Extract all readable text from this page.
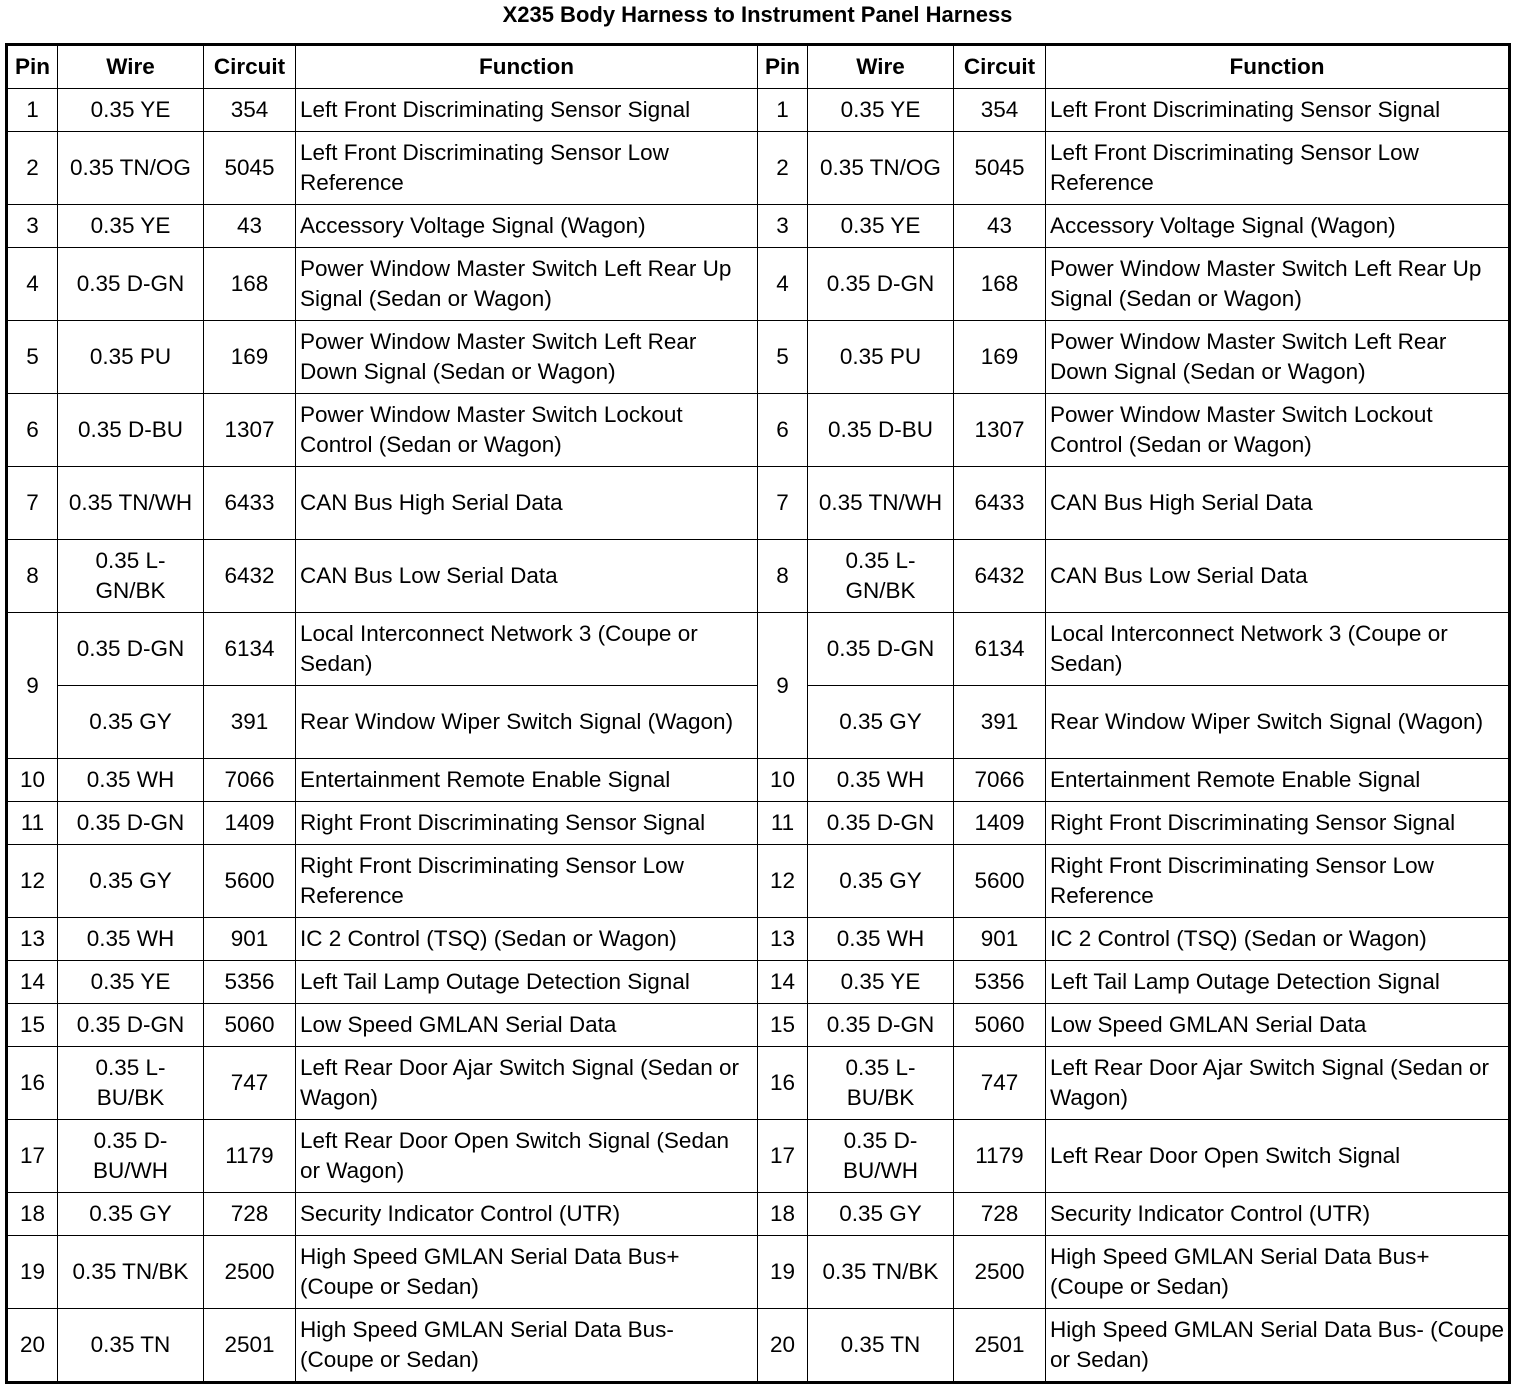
X235 Body Harness to Instrument Panel Harness
Pin	Wire	Circuit	Function	Pin	Wire	Circuit	Function
1	0.35 YE	354	Left Front Discriminating Sensor Signal	1	0.35 YE	354	Left Front Discriminating Sensor Signal
2	0.35 TN/OG	5045	Left Front Discriminating Sensor Low Reference	2	0.35 TN/OG	5045	Left Front Discriminating Sensor Low Reference
3	0.35 YE	43	Accessory Voltage Signal (Wagon)	3	0.35 YE	43	Accessory Voltage Signal (Wagon)
4	0.35 D-GN	168	Power Window Master Switch Left Rear Up Signal (Sedan or Wagon)	4	0.35 D-GN	168	Power Window Master Switch Left Rear Up Signal (Sedan or Wagon)
5	0.35 PU	169	Power Window Master Switch Left Rear Down Signal (Sedan or Wagon)	5	0.35 PU	169	Power Window Master Switch Left Rear Down Signal (Sedan or Wagon)
6	0.35 D-BU	1307	Power Window Master Switch Lockout Control (Sedan or Wagon)	6	0.35 D-BU	1307	Power Window Master Switch Lockout Control (Sedan or Wagon)
7	0.35 TN/WH	6433	CAN Bus High Serial Data	7	0.35 TN/WH	6433	CAN Bus High Serial Data
8	0.35 L-GN/BK	6432	CAN Bus Low Serial Data	8	0.35 L-GN/BK	6432	CAN Bus Low Serial Data
9	0.35 D-GN	6134	Local Interconnect Network 3 (Coupe or Sedan)	9	0.35 D-GN	6134	Local Interconnect Network 3 (Coupe or Sedan)
	0.35 GY	391	Rear Window Wiper Switch Signal (Wagon)		0.35 GY	391	Rear Window Wiper Switch Signal (Wagon)
10	0.35 WH	7066	Entertainment Remote Enable Signal	10	0.35 WH	7066	Entertainment Remote Enable Signal
11	0.35 D-GN	1409	Right Front Discriminating Sensor Signal	11	0.35 D-GN	1409	Right Front Discriminating Sensor Signal
12	0.35 GY	5600	Right Front Discriminating Sensor Low Reference	12	0.35 GY	5600	Right Front Discriminating Sensor Low Reference
13	0.35 WH	901	IC 2 Control (TSQ) (Sedan or Wagon)	13	0.35 WH	901	IC 2 Control (TSQ) (Sedan or Wagon)
14	0.35 YE	5356	Left Tail Lamp Outage Detection Signal	14	0.35 YE	5356	Left Tail Lamp Outage Detection Signal
15	0.35 D-GN	5060	Low Speed GMLAN Serial Data	15	0.35 D-GN	5060	Low Speed GMLAN Serial Data
16	0.35 L-BU/BK	747	Left Rear Door Ajar Switch Signal (Sedan or Wagon)	16	0.35 L-BU/BK	747	Left Rear Door Ajar Switch Signal (Sedan or Wagon)
17	0.35 D-BU/WH	1179	Left Rear Door Open Switch Signal (Sedan or Wagon)	17	0.35 D-BU/WH	1179	Left Rear Door Open Switch Signal
18	0.35 GY	728	Security Indicator Control (UTR)	18	0.35 GY	728	Security Indicator Control (UTR)
19	0.35 TN/BK	2500	High Speed GMLAN Serial Data Bus+ (Coupe or Sedan)	19	0.35 TN/BK	2500	High Speed GMLAN Serial Data Bus+ (Coupe or Sedan)
20	0.35 TN	2501	High Speed GMLAN Serial Data Bus- (Coupe or Sedan)	20	0.35 TN	2501	High Speed GMLAN Serial Data Bus- (Coupe or Sedan)
